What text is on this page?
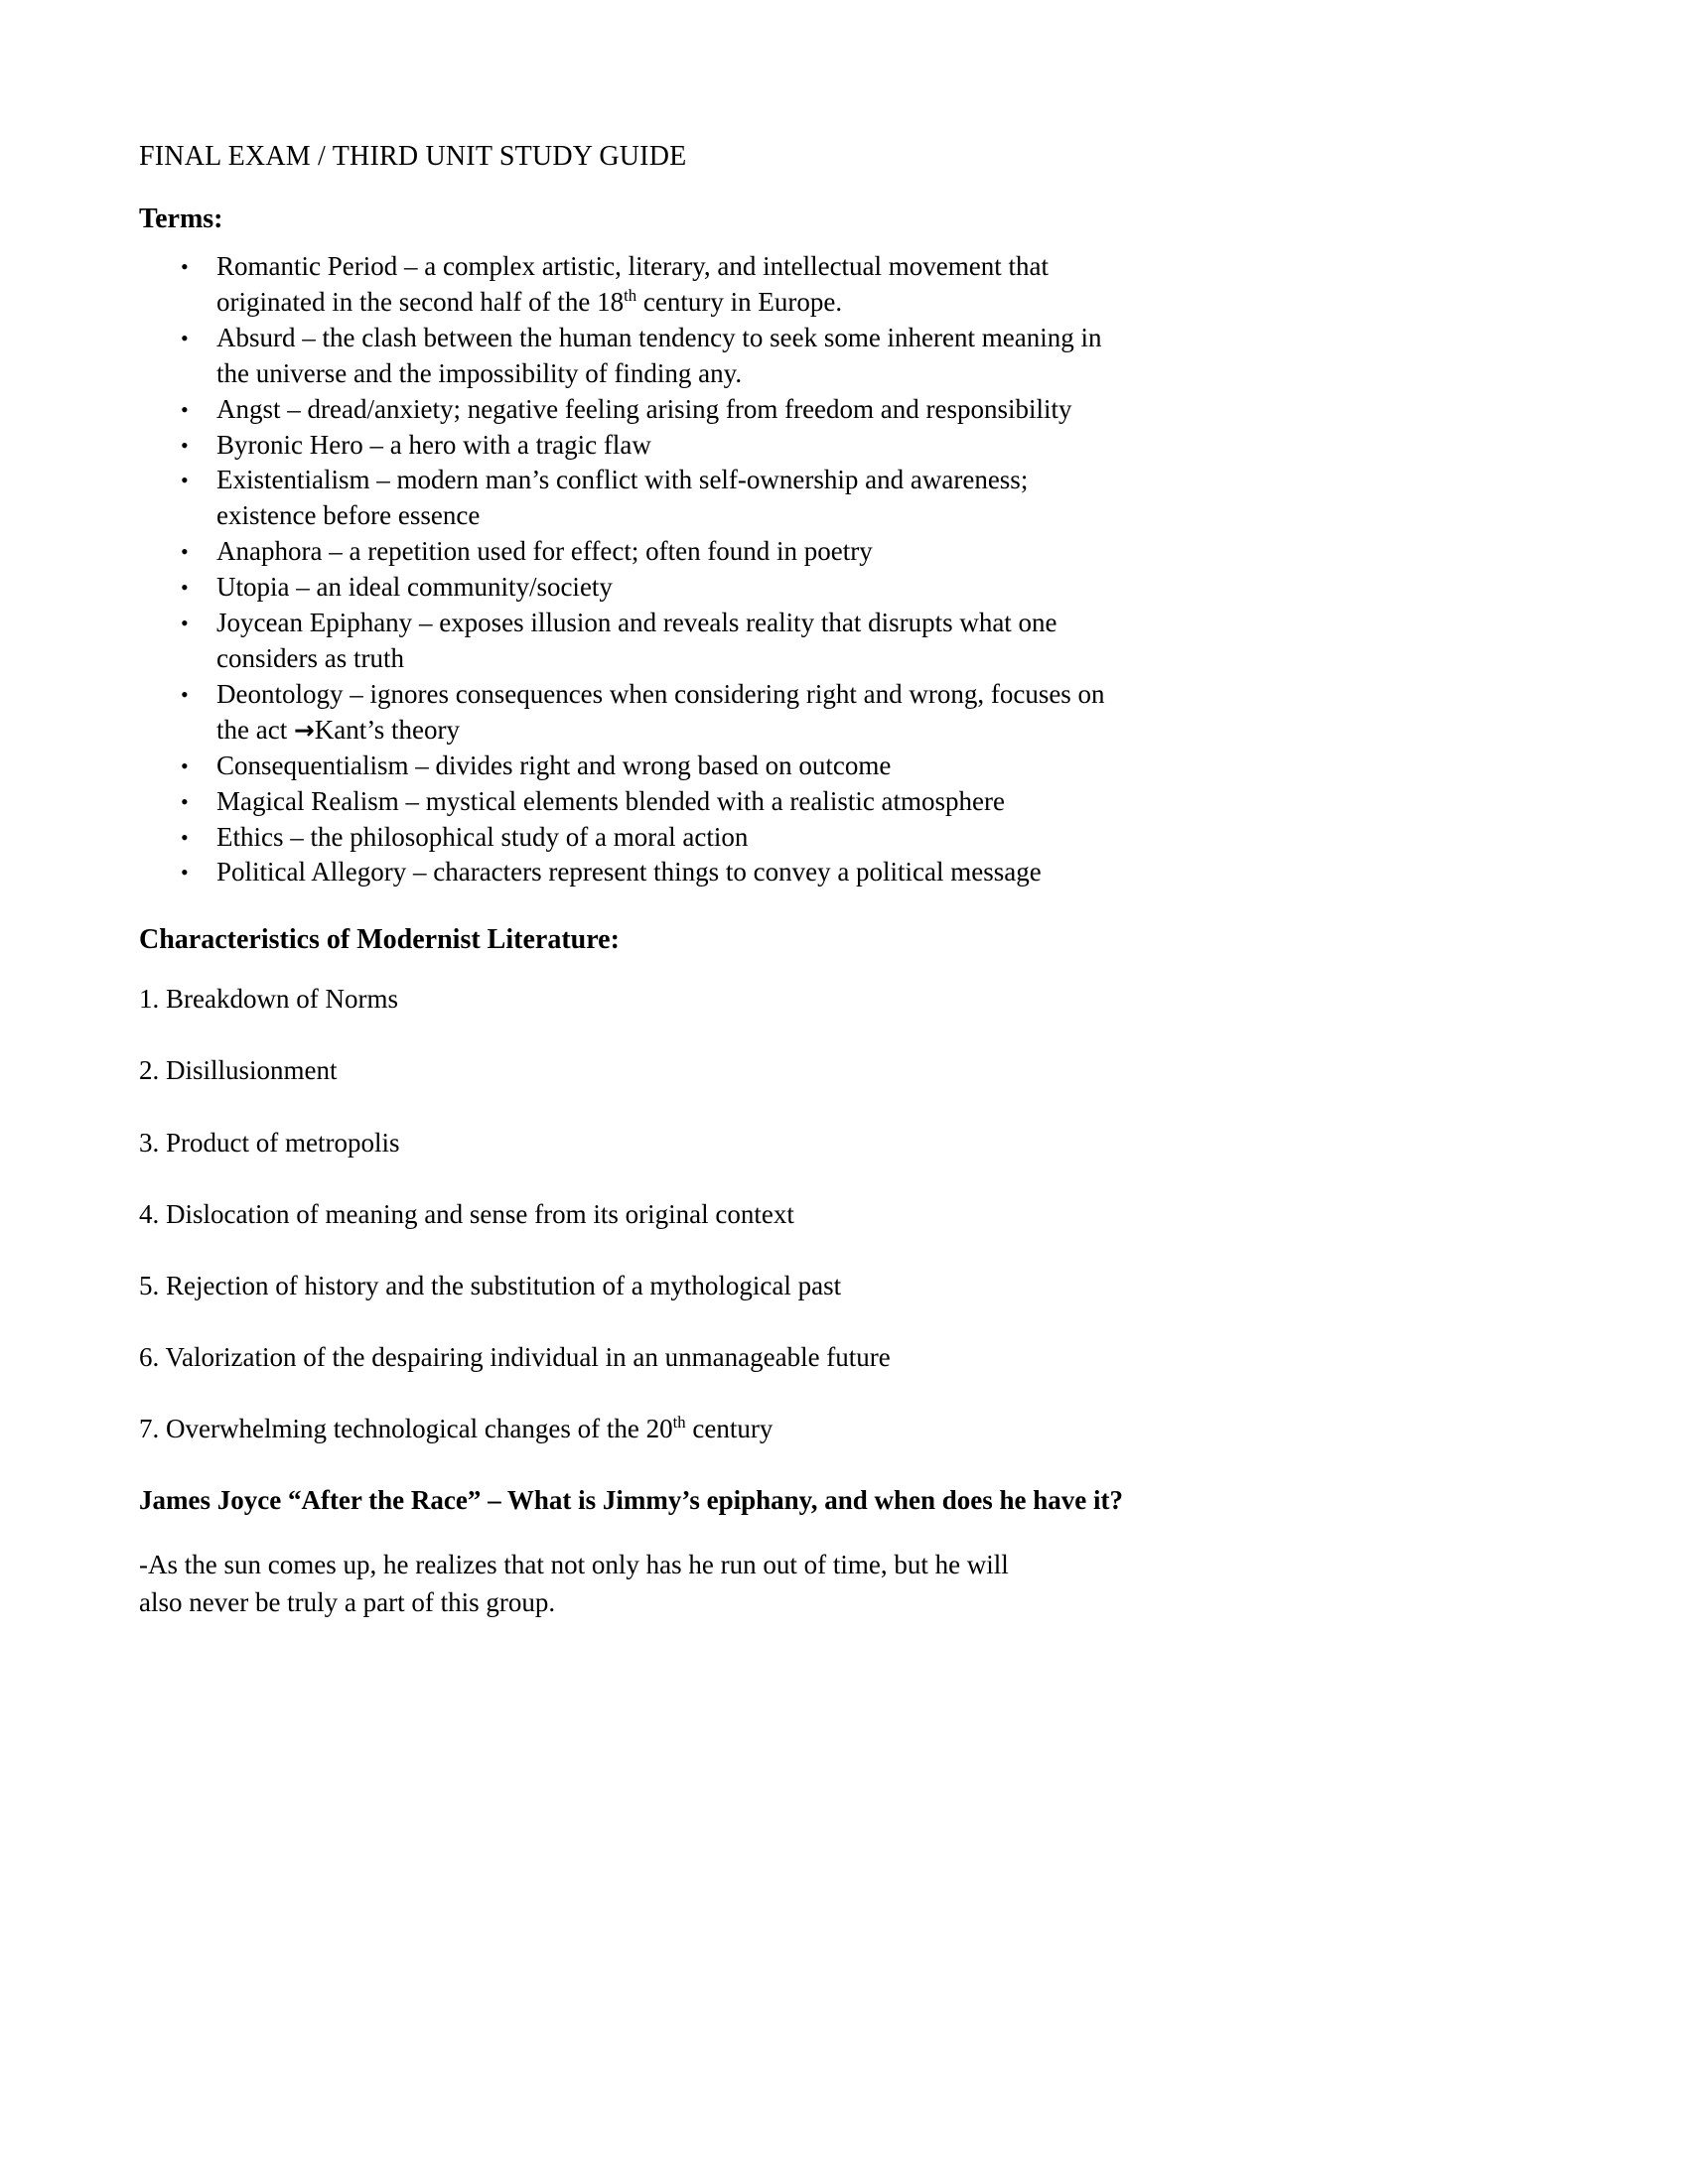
FINAL EXAM / THIRD UNIT STUDY GUIDE
Terms:
• Romantic Period – a complex artistic, literary, and intellectual movement that originated in the second half of the 18th century in Europe.
• Absurd – the clash between the human tendency to seek some inherent meaning in the universe and the impossibility of finding any.
• Angst – dread/anxiety; negative feeling arising from freedom and responsibility
• Byronic Hero – a hero with a tragic flaw
• Existentialism – modern man’s conflict with self-ownership and awareness; existence before essence
• Anaphora – a repetition used for effect; often found in poetry
• Utopia – an ideal community/society
• Joycean Epiphany – exposes illusion and reveals reality that disrupts what one considers as truth
• Deontology – ignores consequences when considering right and wrong, focuses on the act →Kant’s theory
• Consequentialism – divides right and wrong based on outcome
• Magical Realism – mystical elements blended with a realistic atmosphere
• Ethics – the philosophical study of a moral action
• Political Allegory – characters represent things to convey a political message
Characteristics of Modernist Literature:
1. Breakdown of Norms
2. Disillusionment
3. Product of metropolis
4. Dislocation of meaning and sense from its original context
5. Rejection of history and the substitution of a mythological past
6. Valorization of the despairing individual in an unmanageable future
7. Overwhelming technological changes of the 20th century
James Joyce “After the Race” – What is Jimmy’s epiphany, and when does he have it?
-As the sun comes up, he realizes that not only has he run out of time, but he will also never be truly a part of this group.
